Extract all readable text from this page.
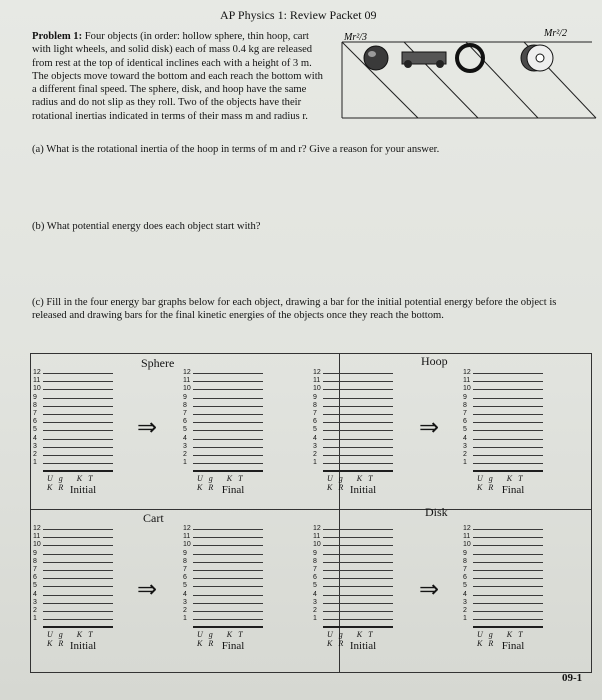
AP Physics 1: Review Packet 09
Problem 1: Four objects (in order: hollow sphere, thin hoop, cart with light wheels, and solid disk) each of mass 0.4 kg are released from rest at the top of identical inclines each with a height of 3 m. The objects move toward the bottom and each reach the bottom with a different final speed. The sphere, disk, and hoop have the same radius and do not slip as they roll. Two of the objects have their rotational inertias indicated in terms of their mass m and radius r.
Mr²/3	Mr²/2
(a) What is the rotational inertia of the hoop in terms of m and r? Give a reason for your answer.
(b) What potential energy does each object start with?
(c) Fill in the four energy bar graphs below for each object, drawing a bar for the initial potential energy before the object is released and drawing bars for the final kinetic energies of the objects once they reach the bottom.
Sphere	Hoop
Cart	Disk
12
11
10
9
8
7
6
5
4
3
2
1
Ug KT KR Initial
⇒
12
11
10
9
8
7
6
5
4
3
2
1
Ug KT KR Final
12
11
10
9
8
7
6
5
4
3
2
1
Ug KT KR Initial
⇒
12
11
10
9
8
7
6
5
4
3
2
1
Ug KT KR Final
12
11
10
9
8
7
6
5
4
3
2
1
Ug KT KR Initial
⇒
12
11
10
9
8
7
6
5
4
3
2
1
Ug KT KR Final
12
11
10
9
8
7
6
5
4
3
2
1
Ug KT KR Initial
⇒
12
11
10
9
8
7
6
5
4
3
2
1
Ug KT KR Final
09-1
